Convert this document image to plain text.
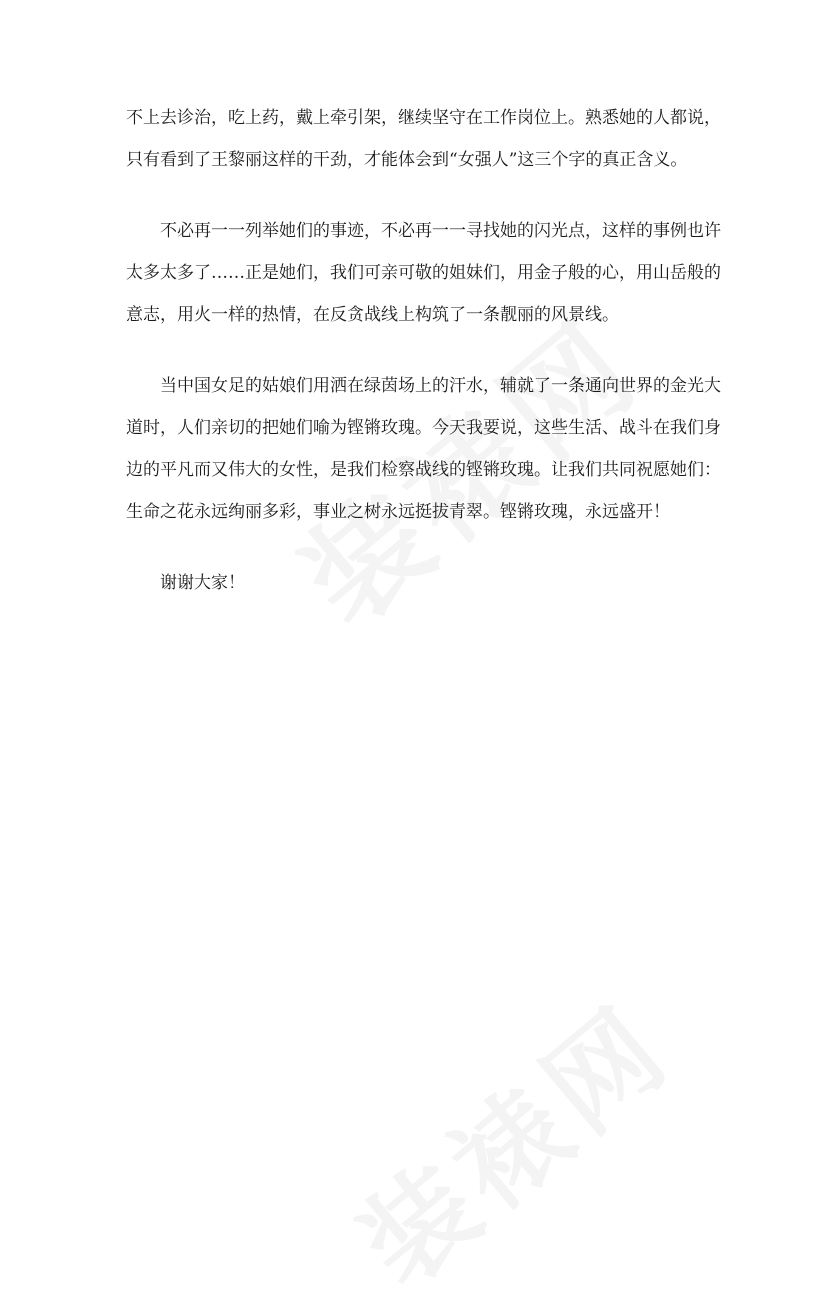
不上去诊治，吃上药，戴上牵引架，继续坚守在工作岗位上。熟悉她的人都说，
只有看到了王黎丽这样的干劲，才能体会到“女强人”这三个字的真正含义。

不必再一一列举她们的事迹，不必再一一寻找她的闪光点，这样的事例也许
太多太多了……正是她们，我们可亲可敬的姐妹们，用金子般的心，用山岳般的
意志，用火一样的热情，在反贪战线上构筑了一条靓丽的风景线。

当中国女足的姑娘们用洒在绿茵场上的汗水，辅就了一条通向世界的金光大
道时，人们亲切的把她们喻为铿锵玫瑰。今天我要说，这些生活、战斗在我们身
边的平凡而又伟大的女性，是我们检察战线的铿锵玫瑰。让我们共同祝愿她们：
生命之花永远绚丽多彩，事业之树永远挺拔青翠。铿锵玫瑰，永远盛开！

谢谢大家！
